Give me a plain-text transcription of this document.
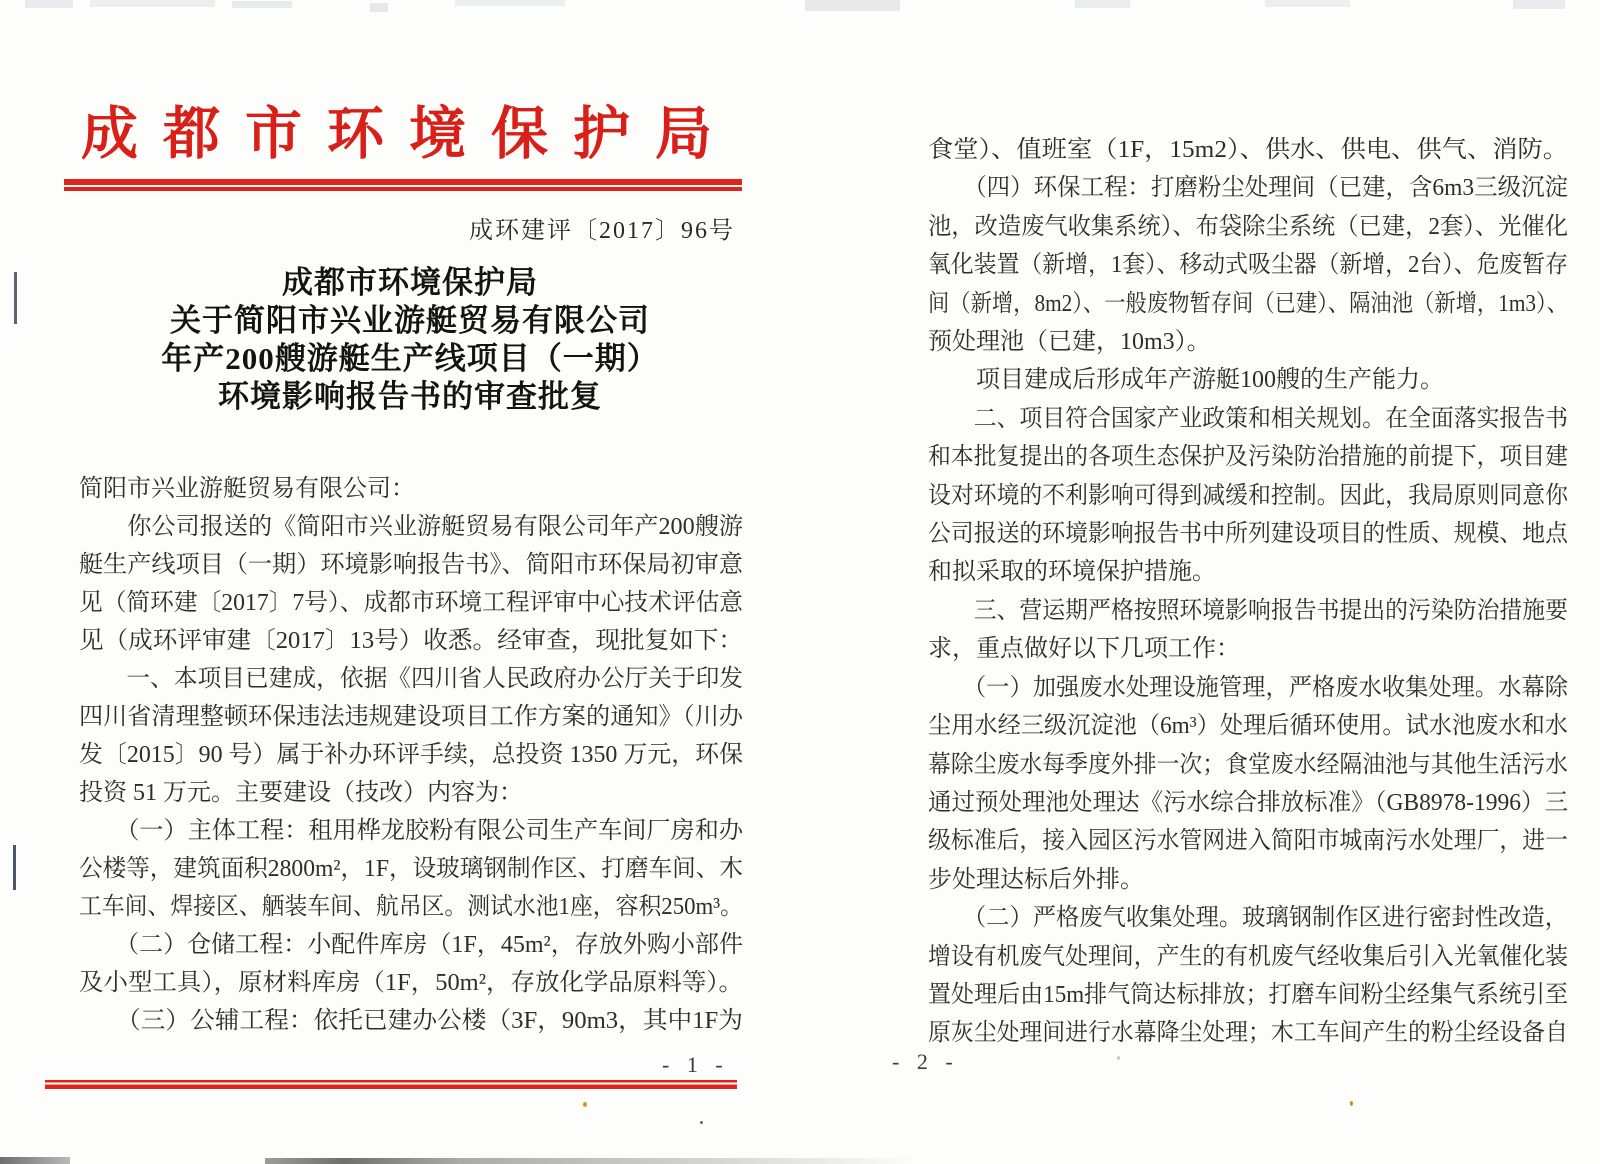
成都市环境保护局
成环建评〔2017〕96号
成都市环境保护局
关于简阳市兴业游艇贸易有限公司
年产200艘游艇生产线项目（一期）
环境影响报告书的审查批复
简阳市兴业游艇贸易有限公司：
　　你公司报送的《简阳市兴业游艇贸易有限公司年产200艘游
艇生产线项目（一期）环境影响报告书》、简阳市环保局初审意
见（简环建〔2017〕7号）、成都市环境工程评审中心技术评估意
见（成环评审建〔2017〕13号）收悉。经审查，现批复如下：
　　一、本项目已建成，依据《四川省人民政府办公厅关于印发
四川省清理整顿环保违法违规建设项目工作方案的通知》（川办
发〔2015〕90 号）属于补办环评手续，总投资 1350 万元，环保
投资 51 万元。主要建设（技改）内容为：
　　（一）主体工程：租用桦龙胶粉有限公司生产车间厂房和办
公楼等，建筑面积2800m²，1F，设玻璃钢制作区、打磨车间、木
工车间、焊接区、舾装车间、航吊区。测试水池1座，容积250m³。
　　（二）仓储工程：小配件库房（1F，45m²，存放外购小部件
及小型工具），原材料库房（1F，50m²，存放化学品原料等）。
　　（三）公辅工程：依托已建办公楼（3F，90m3，其中1F为
- 1 -
食堂）、值班室（1F，15m2）、供水、供电、供气、消防。
　　（四）环保工程：打磨粉尘处理间（已建，含6m3三级沉淀
池，改造废气收集系统）、布袋除尘系统（已建，2套）、光催化
氧化装置（新增，1套）、移动式吸尘器（新增，2台）、危废暂存
间（新增，8m2）、一般废物暂存间（已建）、隔油池（新增，1m3）、
预处理池（已建，10m3）。
　　项目建成后形成年产游艇100艘的生产能力。
　　二、项目符合国家产业政策和相关规划。在全面落实报告书
和本批复提出的各项生态保护及污染防治措施的前提下，项目建
设对环境的不利影响可得到减缓和控制。因此，我局原则同意你
公司报送的环境影响报告书中所列建设项目的性质、规模、地点
和拟采取的环境保护措施。
　　三、营运期严格按照环境影响报告书提出的污染防治措施要
求，重点做好以下几项工作：
　　（一）加强废水处理设施管理，严格废水收集处理。水幕除
尘用水经三级沉淀池（6m³）处理后循环使用。试水池废水和水
幕除尘废水每季度外排一次；食堂废水经隔油池与其他生活污水
通过预处理池处理达《污水综合排放标准》（GB8978-1996）三
级标准后，接入园区污水管网进入简阳市城南污水处理厂，进一
步处理达标后外排。
　　（二）严格废气收集处理。玻璃钢制作区进行密封性改造，
增设有机废气处理间，产生的有机废气经收集后引入光氧催化装
置处理后由15m排气筒达标排放；打磨车间粉尘经集气系统引至
原灰尘处理间进行水幕降尘处理；木工车间产生的粉尘经设备自
- 2 -
